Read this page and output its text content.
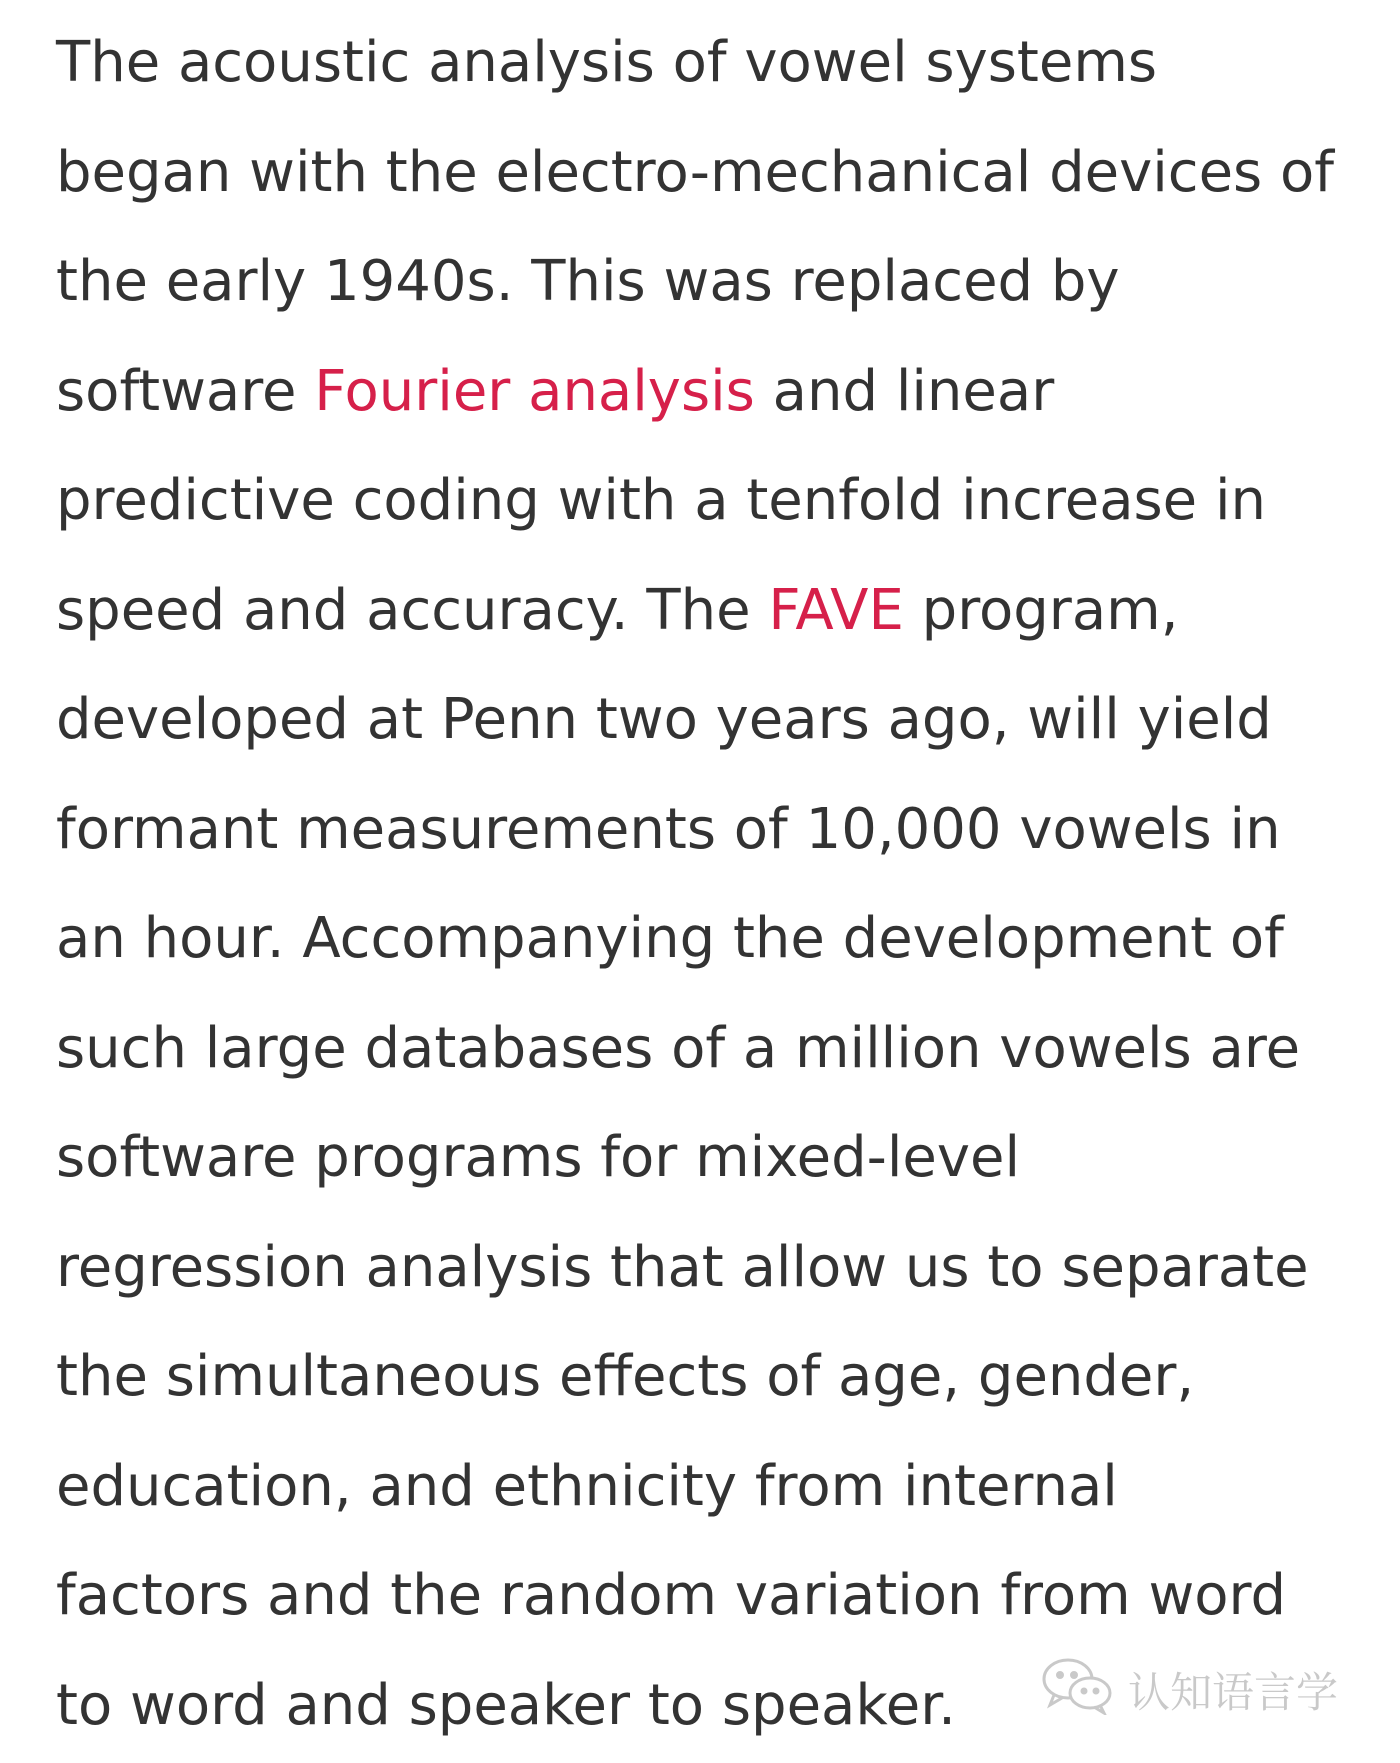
The acoustic analysis of vowel systems
began with the electro-mechanical devices of
the early 1940s. This was replaced by
software Fourier analysis and linear
predictive coding with a tenfold increase in
speed and accuracy. The FAVE program,
developed at Penn two years ago, will yield
formant measurements of 10,000 vowels in
an hour. Accompanying the development of
such large databases of a million vowels are
software programs for mixed-level
regression analysis that allow us to separate
the simultaneous effects of age, gender,
education, and ethnicity from internal
factors and the random variation from word
to word and speaker to speaker.	认知语言学
